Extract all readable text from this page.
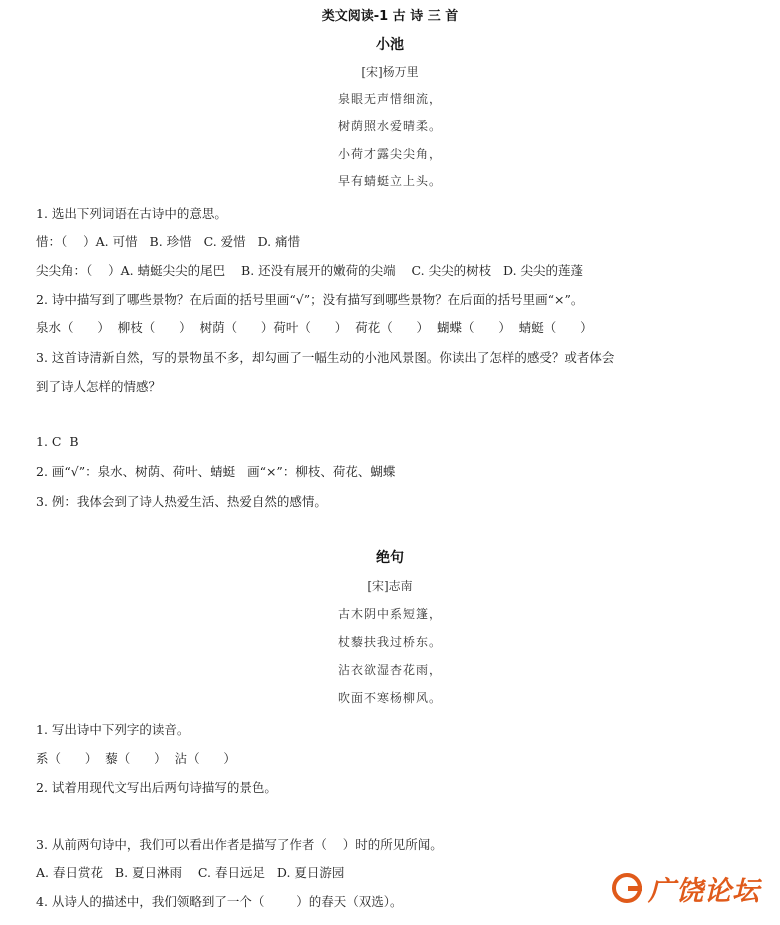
类文阅读-1 古 诗 三 首
小池
[宋]杨万里
泉眼无声惜细流，
树荫照水爱晴柔。
小荷才露尖尖角，
早有蜻蜓立上头。
1. 选出下列词语在古诗中的意思。
惜：（    ）A. 可惜   B. 珍惜   C. 爱惜   D. 痛惜
尖尖角：（    ）A. 蜻蜓尖尖的尾巴    B. 还没有展开的嫩荷的尖端    C. 尖尖的树枝   D. 尖尖的莲蓬
2. 诗中描写到了哪些景物？在后面的括号里画“√”；没有描写到哪些景物？在后面的括号里画“×”。
泉水（      ）  柳枝（      ）  树荫（      ）荷叶（      ）  荷花（      ）  蝴蝶（      ）  蜻蜓（      ）
3. 这首诗清新自然，写的景物虽不多，却勾画了一幅生动的小池风景图。你读出了怎样的感受？或者体会
到了诗人怎样的情感？
1. C  B
2. 画“√”：泉水、树荫、荷叶、蜻蜓   画“×”：柳枝、荷花、蝴蝶
3. 例：我体会到了诗人热爱生活、热爱自然的感情。
绝句
[宋]志南
古木阴中系短篷，
杖藜扶我过桥东。
沾衣欲湿杏花雨，
吹面不寒杨柳风。
1. 写出诗中下列字的读音。
系（      ）  藜（      ）  沾（      ）
2. 试着用现代文写出后两句诗描写的景色。
3. 从前两句诗中，我们可以看出作者是描写了作者（    ）时的所见所闻。
A. 春日赏花   B. 夏日淋雨    C. 春日远足   D. 夏日游园
4. 从诗人的描述中，我们领略到了一个（        ）的春天（双选）。	广饶论坛
